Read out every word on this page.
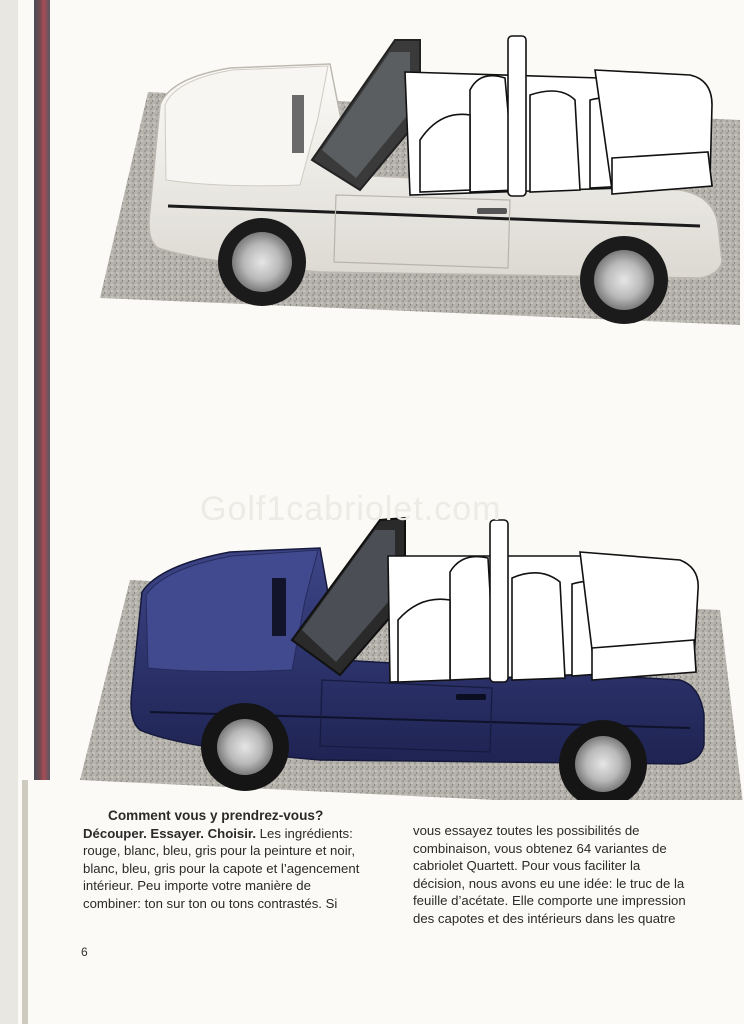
Golf1cabriolet.com
Comment vous y prendrez-vous?
Découper. Essayer. Choisir. Les ingrédients:
rouge, blanc, bleu, gris pour la peinture et noir,
blanc, bleu, gris pour la capote et l’agencement
intérieur. Peu importe votre manière de
combiner: ton sur ton ou tons contrastés. Si
vous essayez toutes les possibilités de
combinaison, vous obtenez 64 variantes de
cabriolet Quartett. Pour vous faciliter la
décision, nous avons eu une idée: le truc de la
feuille d’acétate. Elle comporte une impression
des capotes et des intérieurs dans les quatre
6
